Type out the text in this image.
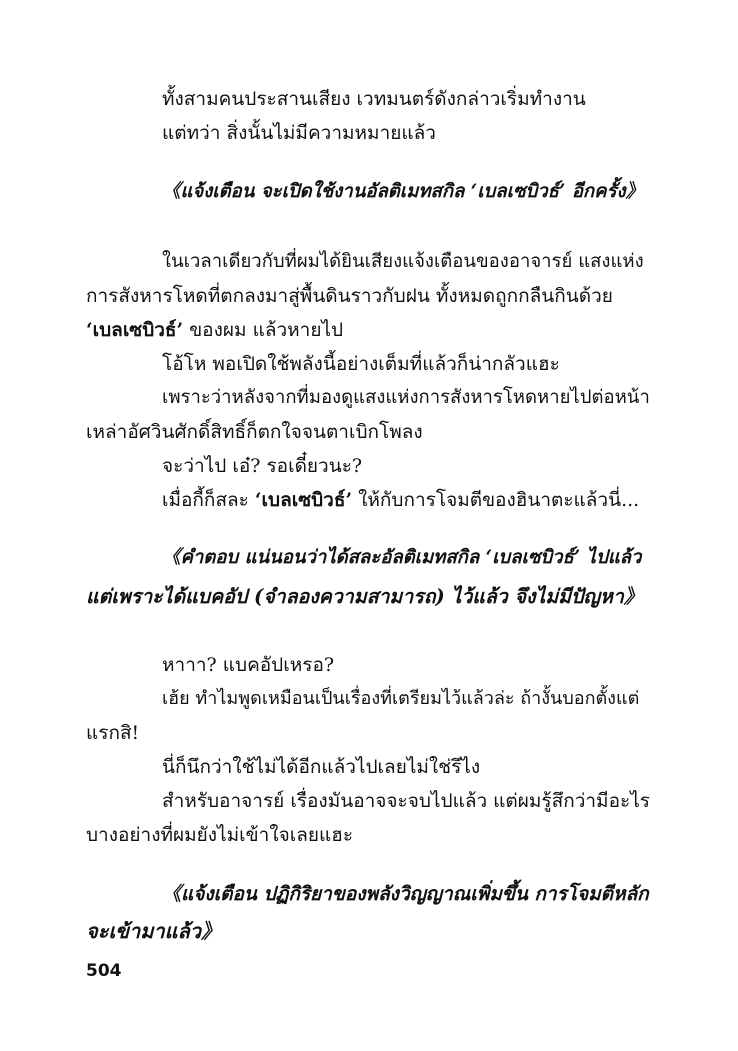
ทั้งสามคนประสานเสียง เวทมนตร์ดังกล่าวเริ่มทำงาน
แต่ทว่า สิ่งนั้นไม่มีความหมายแล้ว
《แจ้งเตือน จะเปิดใช้งานอัลติเมทสกิล ‘เบลเซบิวธ์’ อีกครั้ง》
ในเวลาเดียวกับที่ผมได้ยินเสียงแจ้งเตือนของอาจารย์ แสงแห่ง
การสังหารโหดที่ตกลงมาสู่พื้นดินราวกับฝน ทั้งหมดถูกกลืนกินด้วย
‘เบลเซบิวธ์’ ของผม แล้วหายไป
โอ้โห พอเปิดใช้พลังนี้อย่างเต็มที่แล้วก็น่ากลัวแฮะ
เพราะว่าหลังจากที่มองดูแสงแห่งการสังหารโหดหายไปต่อหน้า
เหล่าอัศวินศักดิ์สิทธิ์ก็ตกใจจนตาเบิกโพลง
จะว่าไป เอ๋? รอเดี๋ยวนะ?
เมื่อกี้ก็สละ ‘เบลเซบิวธ์’ ให้กับการโจมตีของฮินาตะแล้วนี่...
《คำตอบ แน่นอนว่าได้สละอัลติเมทสกิล ‘เบลเซบิวธ์’ ไปแล้ว
แต่เพราะได้แบคอัป (จำลองความสามารถ) ไว้แล้ว จึงไม่มีปัญหา》
หาาา? แบคอัปเหรอ?
เฮ้ย ทำไมพูดเหมือนเป็นเรื่องที่เตรียมไว้แล้วล่ะ ถ้างั้นบอกตั้งแต่
แรกสิ!
นี่ก็นึกว่าใช้ไม่ได้อีกแล้วไปเลยไม่ใช่รึไง
สำหรับอาจารย์ เรื่องมันอาจจะจบไปแล้ว แต่ผมรู้สึกว่ามีอะไร
บางอย่างที่ผมยังไม่เข้าใจเลยแฮะ
《แจ้งเตือน ปฏิกิริยาของพลังวิญญาณเพิ่มขึ้น การโจมตีหลัก
จะเข้ามาแล้ว》
504
